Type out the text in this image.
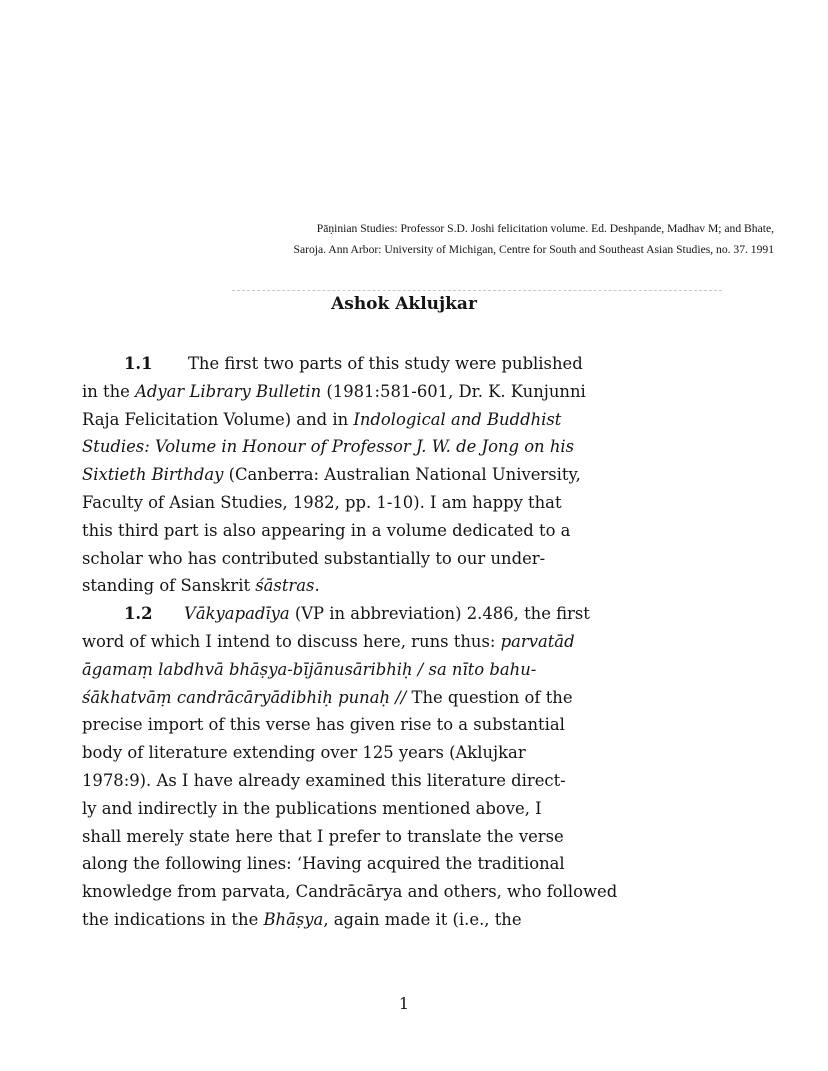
Pāṇinian Studies: Professor S.D. Joshi felicitation volume. Ed. Deshpande, Madhav M; and Bhate,
Saroja. Ann Arbor: University of Michigan, Centre for South and Southeast Asian Studies, no. 37. 1991
Ashok Aklujkar
1.1 The first two parts of this study were published
in the Adyar Library Bulletin (1981:581-601, Dr. K. Kunjunni
Raja Felicitation Volume) and in Indological and Buddhist
Studies: Volume in Honour of Professor J. W. de Jong on his
Sixtieth Birthday (Canberra: Australian National University,
Faculty of Asian Studies, 1982, pp. 1-10). I am happy that
this third part is also appearing in a volume dedicated to a
scholar who has contributed substantially to our under-
standing of Sanskrit śāstras.
1.2 Vākyapadīya (VP in abbreviation) 2.486, the first
word of which I intend to discuss here, runs thus: parvatād
āgamaṃ labdhvā bhāṣya-bījānusāribhiḥ / sa nīto bahu-
śākhatvāṃ candrācāryādibhiḥ punaḥ // The question of the
precise import of this verse has given rise to a substantial
body of literature extending over 125 years (Aklujkar
1978:9). As I have already examined this literature direct-
ly and indirectly in the publications mentioned above, I
shall merely state here that I prefer to translate the verse
along the following lines: ‘Having acquired the traditional
knowledge from parvata, Candrācārya and others, who followed
the indications in the Bhāṣya, again made it (i.e., the
1
